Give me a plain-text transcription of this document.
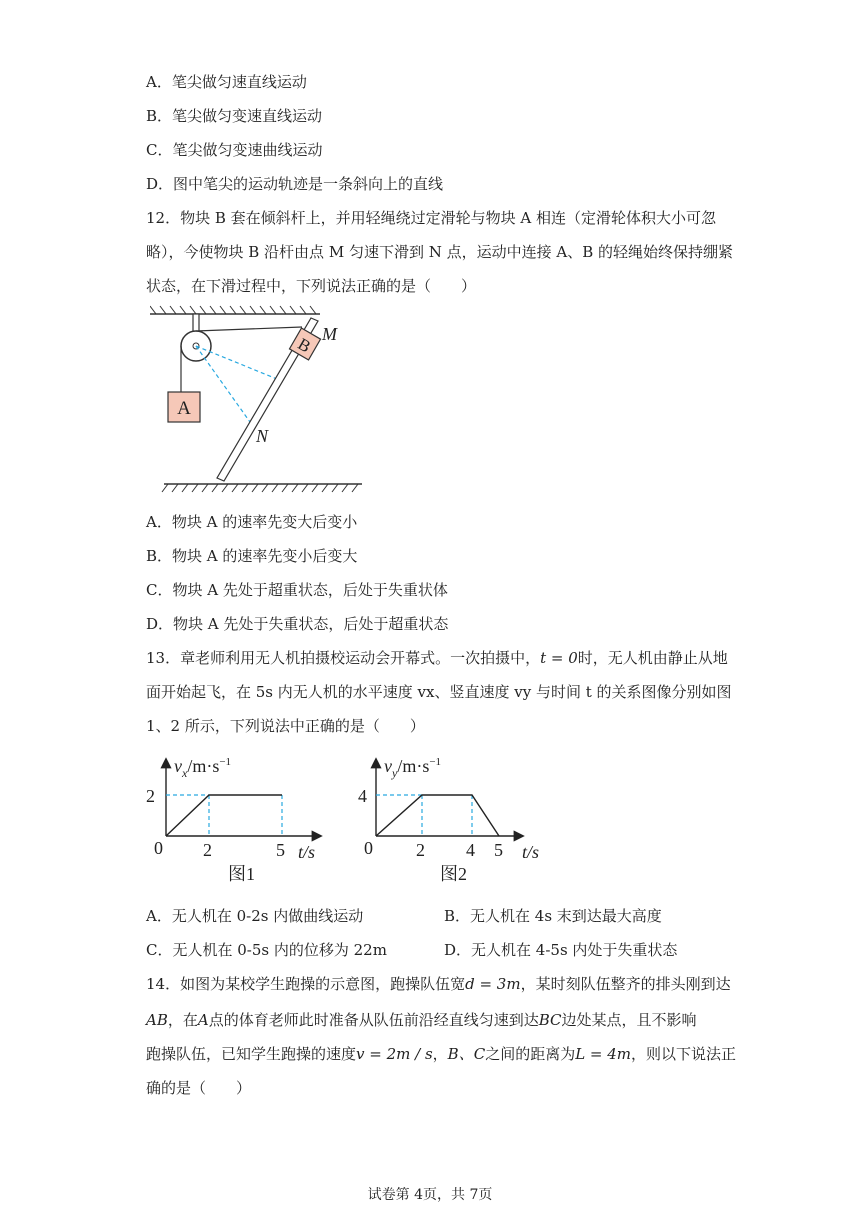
A．笔尖做匀速直线运动
B．笔尖做匀变速直线运动
C．笔尖做匀变速曲线运动
D．图中笔尖的运动轨迹是一条斜向上的直线
12．物块 B 套在倾斜杆上，并用轻绳绕过定滑轮与物块 A 相连（定滑轮体积大小可忽
略），今使物块 B 沿杆由点 M 匀速下滑到 N 点，运动中连接 A、B 的轻绳始终保持绷紧
状态，在下滑过程中，下列说法正确的是（　　）
A
B
M
N
A．物块 A 的速率先变大后变小
B．物块 A 的速率先变小后变大
C．物块 A 先处于超重状态，后处于失重状体
D．物块 A 先处于失重状态，后处于超重状态
13．章老师利用无人机拍摄校运动会开幕式。一次拍摄中，t = 0时，无人机由静止从地
面开始起飞，在 5s 内无人机的水平速度 vx、竖直速度 vy 与时间 t 的关系图像分别如图
1、2 所示，下列说法中正确的是（　　）
$v_x/m\cdot s^{-1}$
2
0 2	5 t/s
图1
$v_y/m\cdot s^{-1}$
4
0 2 4 5 t/s
图2
A．无人机在 0-2s 内做曲线运动	B．无人机在 4s 末到达最大高度
C．无人机在 0-5s 内的位移为 22m	D．无人机在 4-5s 内处于失重状态
14．如图为某校学生跑操的示意图，跑操队伍宽d = 3m，某时刻队伍整齐的排头刚到达
AB，在A点的体育老师此时准备从队伍前沿经直线匀速到达BC边处某点，且不影响
跑操队伍，已知学生跑操的速度v = 2m / s，B、C之间的距离为L = 4m，则以下说法正
确的是（　　）
试卷第 4页，共 7页
